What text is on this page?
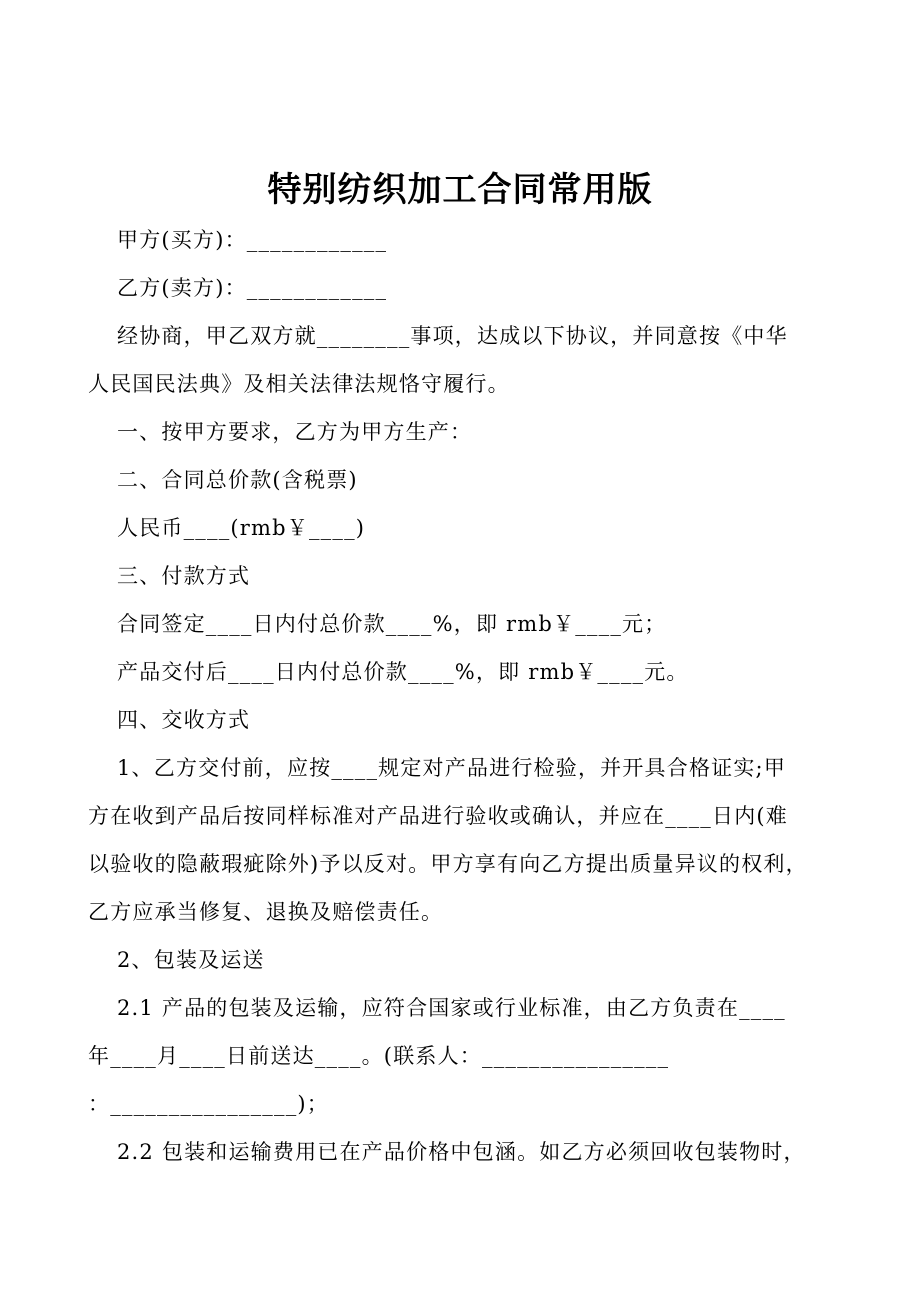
特别纺织加工合同常用版
甲方(买方)：____________
乙方(卖方)：____________
经协商，甲乙双方就________事项，达成以下协议，并同意按《中华
人民国民法典》及相关法律法规恪守履行。
一、按甲方要求，乙方为甲方生产：
二、合同总价款(含税票)
人民币____(rmb￥____)
三、付款方式
合同签定____日内付总价款____%，即 rmb￥____元；
产品交付后____日内付总价款____%，即 rmb￥____元。
四、交收方式
1、乙方交付前，应按____规定对产品进行检验，并开具合格证实;甲
方在收到产品后按同样标准对产品进行验收或确认，并应在____日内(难
以验收的隐蔽瑕疵除外)予以反对。甲方享有向乙方提出质量异议的权利，
乙方应承当修复、退换及赔偿责任。
2、包装及运送
2.1 产品的包装及运输，应符合国家或行业标准，由乙方负责在____
年____月____日前送达____。(联系人：________________
：________________)；
2.2 包装和运输费用已在产品价格中包涵。如乙方必须回收包装物时，
